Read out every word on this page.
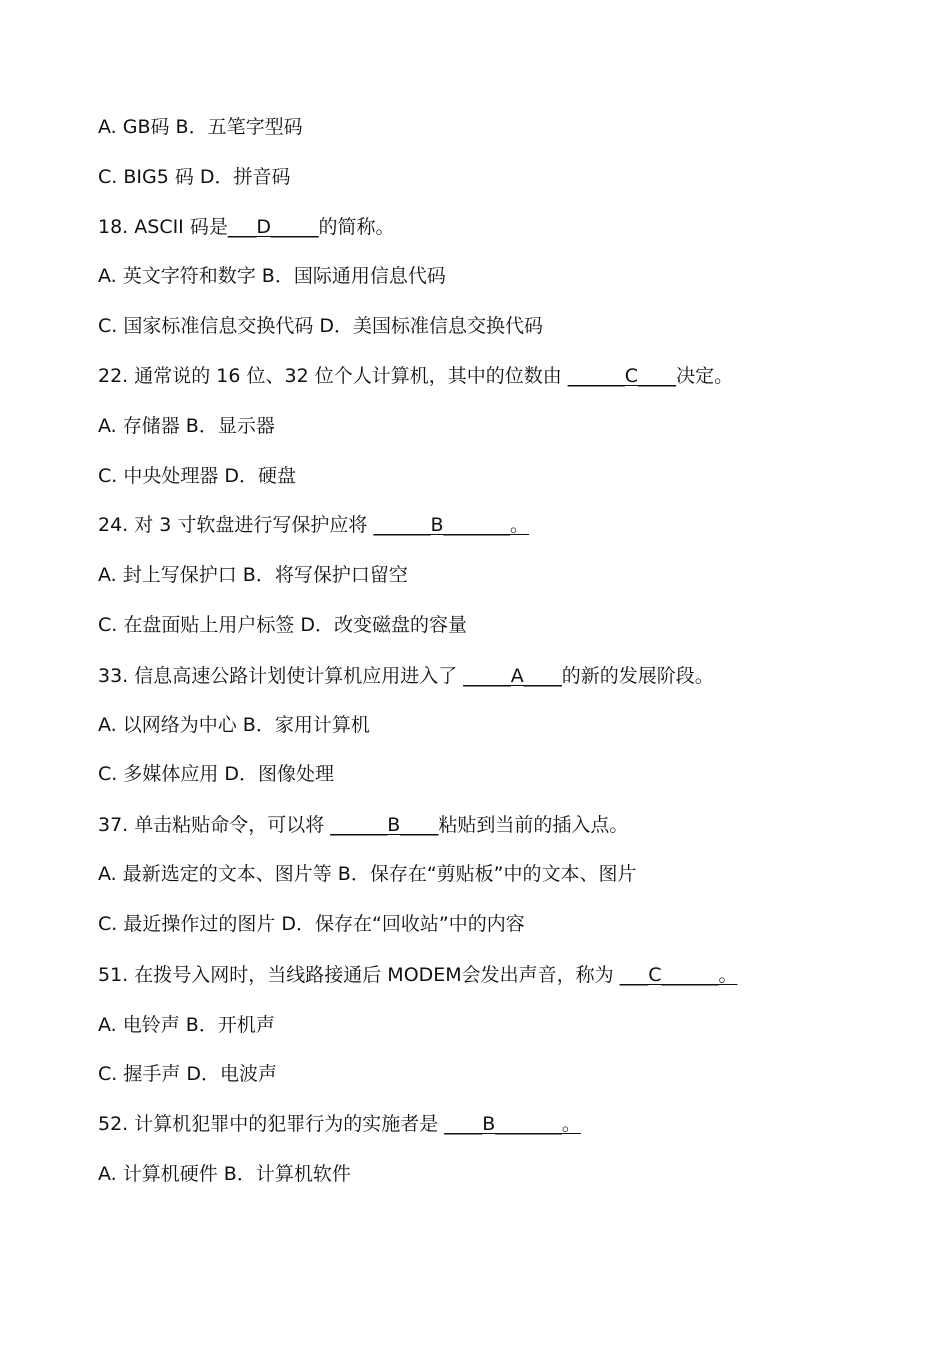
A. GB码 B．五笔字型码
C. BIG5 码 D．拼音码
18. ASCII 码是___D_____的简称。
A. 英文字符和数字 B．国际通用信息代码
C. 国家标准信息交换代码 D．美国标准信息交换代码
22. 通常说的 16 位、32 位个人计算机，其中的位数由 ______C____决定。
A. 存储器 B．显示器
C. 中央处理器 D．硬盘
24. 对 3 寸软盘进行写保护应将 ______B_______。
A. 封上写保护口 B．将写保护口留空
C. 在盘面贴上用户标签 D．改变磁盘的容量
33. 信息高速公路计划使计算机应用进入了 _____A____的新的发展阶段。
A. 以网络为中心 B．家用计算机
C. 多媒体应用 D．图像处理
37. 单击粘贴命令，可以将 ______B____粘贴到当前的插入点。
A. 最新选定的文本、图片等 B．保存在“剪贴板”中的文本、图片
C. 最近操作过的图片 D．保存在“回收站”中的内容
51. 在拨号入网时，当线路接通后 MODEM会发出声音，称为 ___C______。
A. 电铃声 B．开机声
C. 握手声 D．电波声
52. 计算机犯罪中的犯罪行为的实施者是 ____B_______。
A. 计算机硬件 B．计算机软件
